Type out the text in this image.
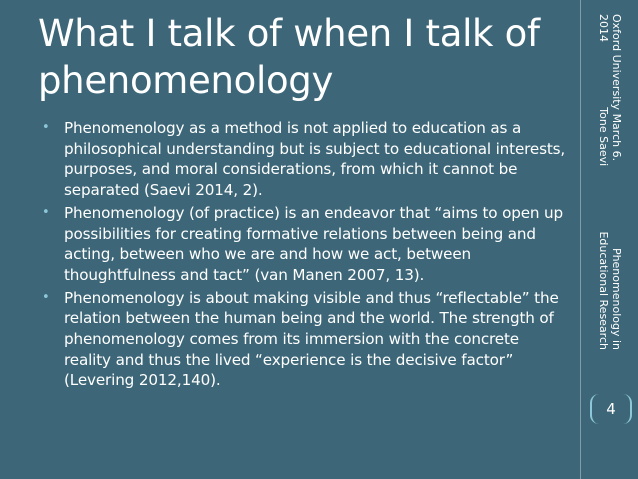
What I talk of when I talk of phenomenology
• Phenomenology as a method is not applied to education as a philosophical understanding but is subject to educational interests, purposes, and moral considerations, from which it cannot be separated (Saevi 2014, 2).
• Phenomenology (of practice) is an endeavor that “aims to open up possibilities for creating formative relations between being and acting, between who we are and how we act, between thoughtfulness and tact” (van Manen 2007, 13).
• Phenomenology is about making visible and thus “reflectable” the relation between the human being and the world. The strength of phenomenology comes from its immersion with the concrete reality and thus the lived “experience is the decisive factor” (Levering 2012,140).
Oxford University March 6.
Phenomenology in
2014
Tone Saevi
Educational Research
4
